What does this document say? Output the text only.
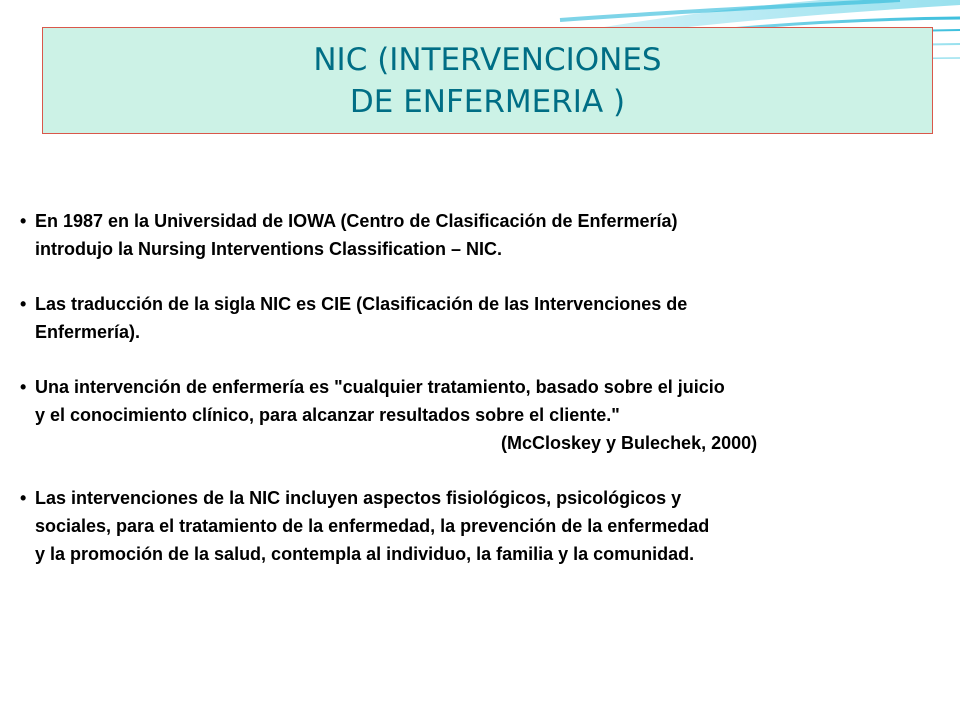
NIC (INTERVENCIONES
DE ENFERMERIA )
• En 1987 en la Universidad de IOWA (Centro de Clasificación de Enfermería)
introdujo la Nursing Interventions Classification – NIC.
• Las traducción de la sigla NIC es CIE (Clasificación de las Intervenciones de
Enfermería).
• Una intervención de enfermería es "cualquier tratamiento, basado sobre el juicio
y el conocimiento clínico, para alcanzar resultados sobre el cliente."
(McCloskey y Bulechek, 2000)
• Las intervenciones de la NIC incluyen aspectos fisiológicos, psicológicos y
sociales, para el tratamiento de la enfermedad, la prevención de la enfermedad
y la promoción de la salud, contempla al individuo, la familia y la comunidad.
